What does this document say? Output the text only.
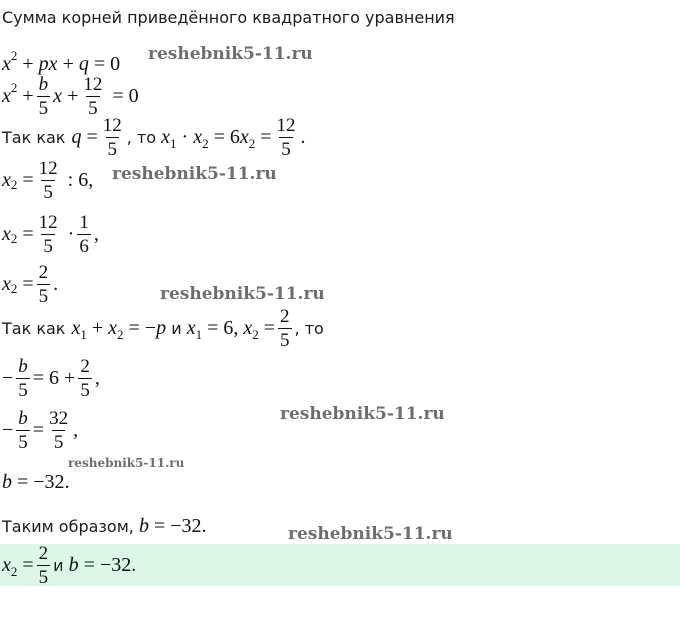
Сумма корней приведённого квадратного уравнения
x 2 + px + q = 0
x $2 + \frac{b}{5}$ $x + \frac{12}{5} = 0$
Так как $q = \frac{12}{5}$ , то
$x_1 \cdot x_2 = 6x_2 = \frac{12}{5}$ .
x $2 = \frac{12}{5}$ : 6 ,
x $2 = \frac{12}{5} \cdot \frac{1}{6}$ ,
x $2 = \frac{2}{5}$ .
Так как $x_1 + x_2 = -p$
и
$x_1 = 6$, $x_2 = \frac{2}{5}$ , то
− $\frac{b}{5} = 6 + \frac{2}{5}$ ,
− $\frac{b}{5} = \frac{32}{5}$ ,
b = −32 .
Таким образом,
b = −32.
$x_2 = \frac{2}{5}$ и
b = −32.
reshebnik5-11.ru
reshebnik5-11.ru
reshebnik5-11.ru
reshebnik5-11.ru
reshebnik5-11.ru
reshebnik5-11.ru
